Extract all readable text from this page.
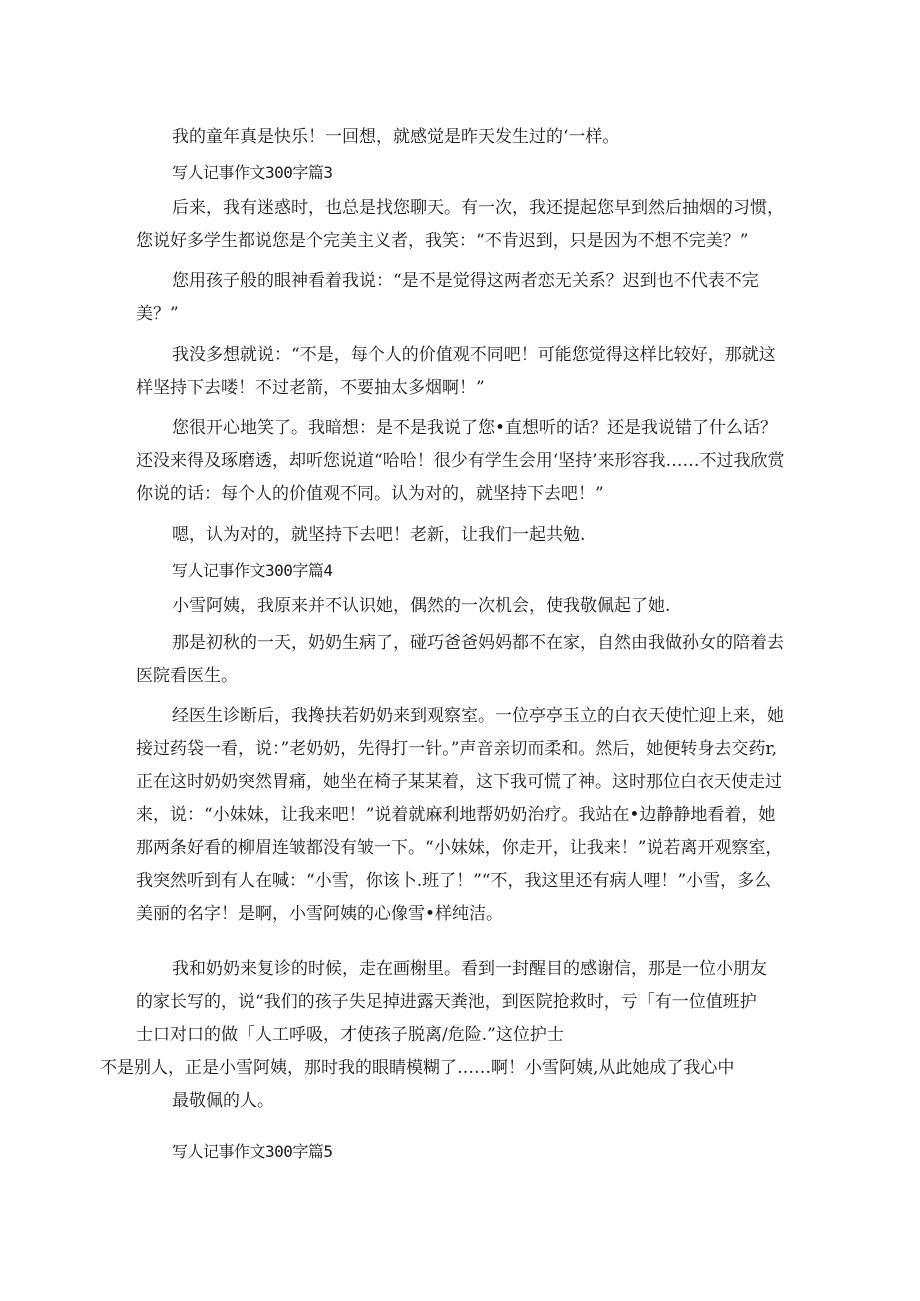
我的童年真是快乐！一回想，就感觉是昨天发生过的‘一样。

写人记事作文300字篇3

后来，我有迷惑时，也总是找您聊天。有一次，我还提起您早到然后抽烟的习惯，您说好多学生都说您是个完美主义者，我笑：“不肯迟到，只是因为不想不完美？”

您用孩子般的眼神看着我说：“是不是觉得这两者恋无关系？迟到也不代表不完美？”

我没多想就说：“不是，每个人的价值观不同吧！可能您觉得这样比较好，那就这样坚持下去喽！不过老箭，不要抽太多烟啊！”

您很开心地笑了。我暗想：是不是我说了您•直想听的话？还是我说错了什么话？还没来得及琢磨透，却听您说道“哈哈！很少有学生会用‘坚持’来形容我……不过我欣赏你说的话：每个人的价值观不同。认为对的，就坚持下去吧！”

嗯，认为对的，就坚持下去吧！老新，让我们一起共勉.

写人记事作文300字篇4

小雪阿姨，我原来并不认识她，偶然的一次机会，使我敬佩起了她.

那是初秋的一天，奶奶生病了，碰巧爸爸妈妈都不在家，自然由我做孙女的陪着去医院看医生。

经医生诊断后，我搀扶若奶奶来到观察室。一位亭亭玉立的白衣天使忙迎上来，她接过药袋一看，说：”老奶奶，先得打一针。”声音亲切而柔和。然后，她便转身去交药r,正在这时奶奶突然胃痛，她坐在椅子某某着，这下我可慌了神。这时那位白衣天使走过来，说：“小妹妹，让我来吧！”说着就麻利地帮奶奶治疗。我站在•边静静地看着，她那两条好看的柳眉连皱都没有皱一下。“小妹妹，你走开，让我来！”说若离开观察室，我突然听到有人在喊：“小雪，你该卜.班了！”“不，我这里还有病人哩！”小雪，多么美丽的名字！是啊，小雪阿姨的心像雪•样纯洁。

我和奶奶来复诊的时候，走在画榭里。看到一封醒目的感谢信，那是一位小朋友
的家长写的，说“我们的孩子失足掉进露天粪池，到医院抢救时，亏「有一位值班护
士口对口的做「人工呼吸，才使孩子脱离/危险.”这位护士
不是别人，正是小雪阿姨，那时我的眼睛模糊了……啊！小雪阿姨,从此她成了我心中
最敬佩的人。

写人记事作文300字篇5
